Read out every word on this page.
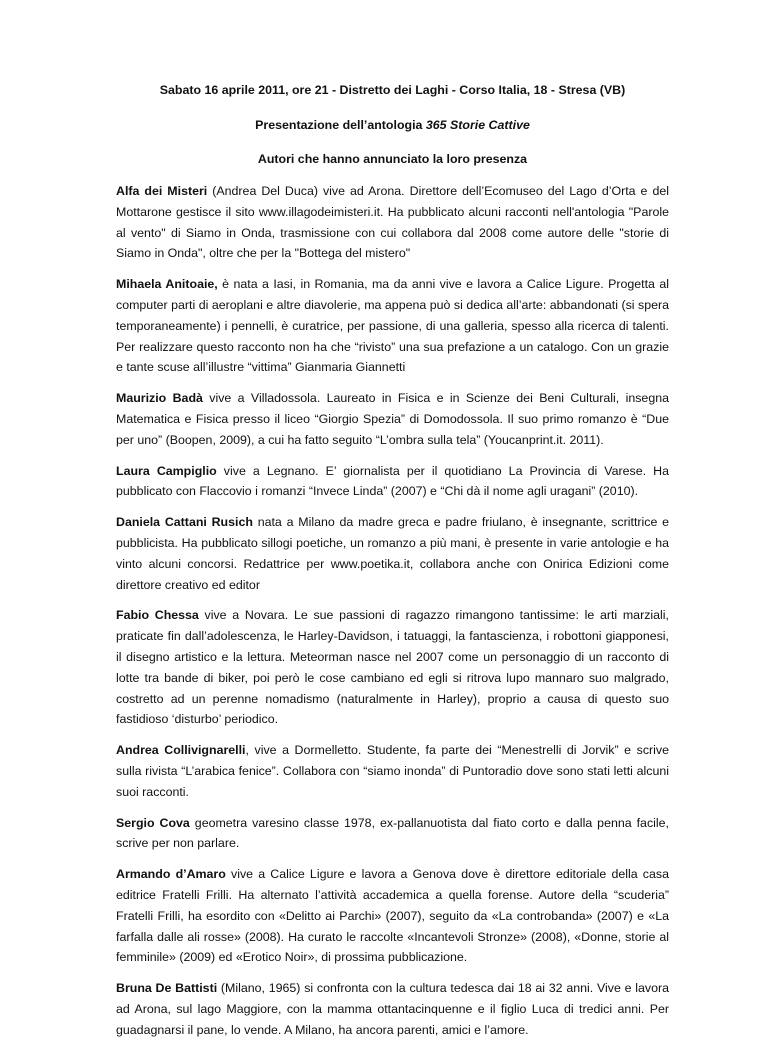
Sabato 16 aprile 2011, ore 21 - Distretto dei Laghi - Corso Italia, 18 - Stresa (VB)
Presentazione dell’antologia 365 Storie Cattive
Autori che hanno annunciato la loro presenza

Alfa dei Misteri (Andrea Del Duca) vive ad Arona. Direttore dell’Ecomuseo del Lago d’Orta e del Mottarone gestisce il sito www.illagodeimisteri.it. Ha pubblicato alcuni racconti nell'antologia "Parole al vento" di Siamo in Onda, trasmissione con cui collabora dal 2008 come autore delle "storie di Siamo in Onda", oltre che per la "Bottega del mistero"

Mihaela Anitoaie, è nata a Iasi, in Romania, ma da anni vive e lavora a Calice Ligure. Progetta al computer parti di aeroplani e altre diavolerie, ma appena può si dedica all’arte: abbandonati (si spera temporaneamente) i pennelli, è curatrice, per passione, di una galleria, spesso alla ricerca di talenti. Per realizzare questo racconto non ha che “rivisto” una sua prefazione a un catalogo. Con un grazie e tante scuse all’illustre “vittima” Gianmaria Giannetti

Maurizio Badà vive a Villadossola. Laureato in Fisica e in Scienze dei Beni Culturali, insegna Matematica e Fisica presso il liceo “Giorgio Spezia” di Domodossola. Il suo primo romanzo è “Due per uno” (Boopen, 2009), a cui ha fatto seguito “L’ombra sulla tela” (Youcanprint.it. 2011).

Laura Campiglio vive a Legnano. E’ giornalista per il quotidiano La Provincia di Varese. Ha pubblicato con Flaccovio i romanzi “Invece Linda” (2007) e “Chi dà il nome agli uragani” (2010).

Daniela Cattani Rusich nata a Milano da madre greca e padre friulano, è insegnante, scrittrice e pubblicista. Ha pubblicato sillogi poetiche, un romanzo a più mani, è presente in varie antologie e ha vinto alcuni concorsi. Redattrice per www.poetika.it, collabora anche con Onirica Edizioni come direttore creativo ed editor

Fabio Chessa vive a Novara. Le sue passioni di ragazzo rimangono tantissime: le arti marziali, praticate fin dall’adolescenza, le Harley-Davidson, i tatuaggi, la fantascienza, i robottoni giapponesi, il disegno artistico e la lettura. Meteorman nasce nel 2007 come un personaggio di un racconto di lotte tra bande di biker, poi però le cose cambiano ed egli si ritrova lupo mannaro suo malgrado, costretto ad un perenne nomadismo (naturalmente in Harley), proprio a causa di questo suo fastidioso ‘disturbo’ periodico.

Andrea Collivignarelli, vive a Dormelletto. Studente, fa parte dei “Menestrelli di Jorvik” e scrive sulla rivista “L’arabica fenice”. Collabora con “siamo inonda” di Puntoradio dove sono stati letti alcuni suoi racconti.

Sergio Cova geometra varesino classe 1978, ex-pallanuotista dal fiato corto e dalla penna facile, scrive per non parlare.

Armando d’Amaro vive a Calice Ligure e lavora a Genova dove è direttore editoriale della casa editrice Fratelli Frilli. Ha alternato l’attività accademica a quella forense. Autore della “scuderia” Fratelli Frilli, ha esordito con «Delitto ai Parchi» (2007), seguito da «La controbanda» (2007) e «La farfalla dalle ali rosse» (2008). Ha curato le raccolte «Incantevoli Stronze» (2008), «Donne, storie al femminile» (2009) ed «Erotico Noir», di prossima pubblicazione.

Bruna De Battisti (Milano, 1965) si confronta con la cultura tedesca dai 18 ai 32 anni. Vive e lavora ad Arona, sul lago Maggiore, con la mamma ottantacinquenne e il figlio Luca di tredici anni. Per guadagnarsi il pane, lo vende. A Milano, ha ancora parenti, amici e l’amore.
